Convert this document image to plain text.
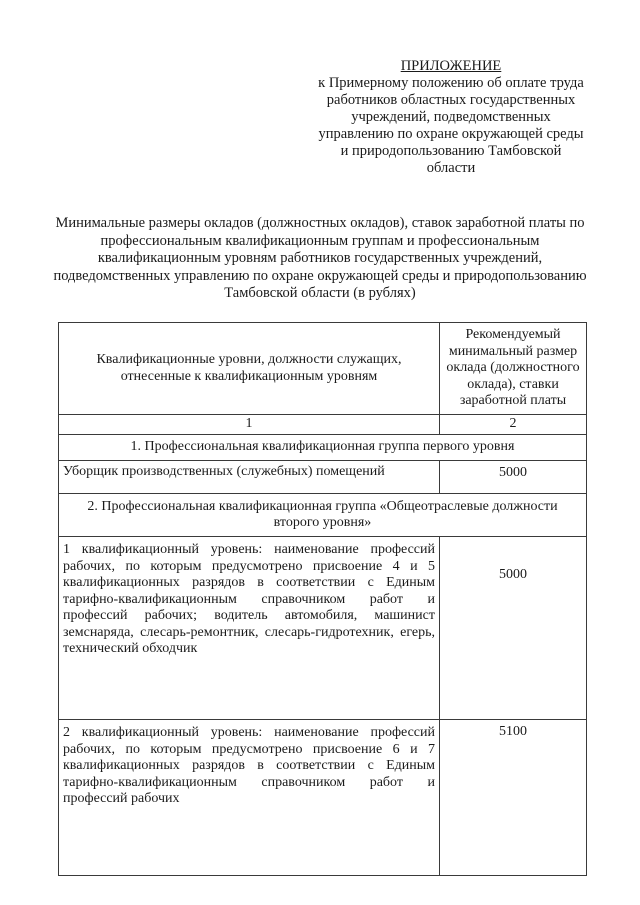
ПРИЛОЖЕНИЕ
к Примерному положению об оплате труда работников областных государственных учреждений, подведомственных управлению по охране окружающей среды и природопользованию Тамбовской области
Минимальные размеры окладов (должностных окладов), ставок заработной платы по профессиональным квалификационным группам и профессиональным квалификационным уровням работников государственных учреждений, подведомственных управлению по охране окружающей среды и природопользованию Тамбовской области (в рублях)
Квалификационные уровни, должности служащих, отнесенные к квалификационным уровням	Рекомендуемый минимальный размер оклада (должностного оклада), ставки заработной платы
1	2
1. Профессиональная квалификационная группа первого уровня	
Уборщик производственных (служебных) помещений	5000
2. Профессиональная квалификационная группа «Общеотраслевые должности второго уровня»	
1 квалификационный уровень: наименование профессий рабочих, по которым предусмотрено присвоение 4 и 5 квалификационных разрядов в соответствии с Единым тарифно-квалификационным справочником работ и профессий рабочих; водитель автомобиля, машинист земснаряда, слесарь-ремонтник, слесарь-гидротехник, егерь, технический обходчик	5000
2 квалификационный уровень: наименование профессий рабочих, по которым предусмотрено присвоение 6 и 7 квалификационных разрядов в соответствии с Единым тарифно-квалификационным справочником работ и профессий рабочих	5100
